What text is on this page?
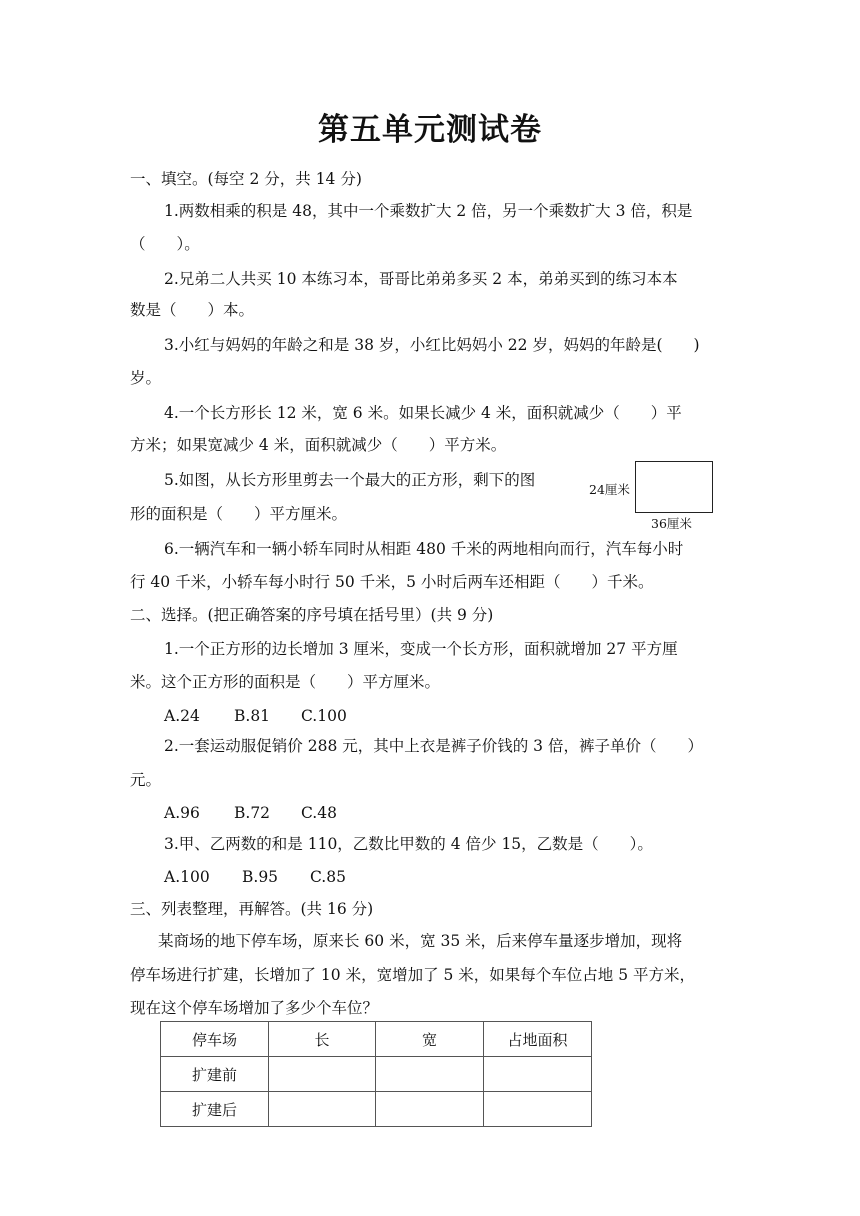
第五单元测试卷
一、填空。(每空 2 分，共 14 分)
1.两数相乘的积是 48，其中一个乘数扩大 2 倍，另一个乘数扩大 3 倍，积是
（　　）。
2.兄弟二人共买 10 本练习本，哥哥比弟弟多买 2 本，弟弟买到的练习本本
数是（　　）本。
3.小红与妈妈的年龄之和是 38 岁，小红比妈妈小 22 岁，妈妈的年龄是(　　)
岁。
4.一个长方形长 12 米，宽 6 米。如果长减少 4 米，面积就减少（　　）平
方米；如果宽减少 4 米，面积就减少（　　）平方米。
5.如图，从长方形里剪去一个最大的正方形，剩下的图
形的面积是（　　）平方厘米。
24厘米
36厘米
6.一辆汽车和一辆小轿车同时从相距 480 千米的两地相向而行，汽车每小时
行 40 千米，小轿车每小时行 50 千米，5 小时后两车还相距（　　）千米。
二、选择。(把正确答案的序号填在括号里）(共 9 分)
1.一个正方形的边长增加 3 厘米，变成一个长方形，面积就增加 27 平方厘
米。这个正方形的面积是（　　）平方厘米。
A.24 B.81 C.100
2.一套运动服促销价 288 元，其中上衣是裤子价钱的 3 倍，裤子单价（　　）
元。
A.96 B.72 C.48
3.甲、乙两数的和是 110，乙数比甲数的 4 倍少 15，乙数是（　　）。
A.100 B.95 C.85
三、列表整理，再解答。(共 16 分)
某商场的地下停车场，原来长 60 米，宽 35 米，后来停车量逐步增加，现将
停车场进行扩建，长增加了 10 米，宽增加了 5 米，如果每个车位占地 5 平方米，
现在这个停车场增加了多少个车位？
停车场	长	宽	占地面积
扩建前			
扩建后			
